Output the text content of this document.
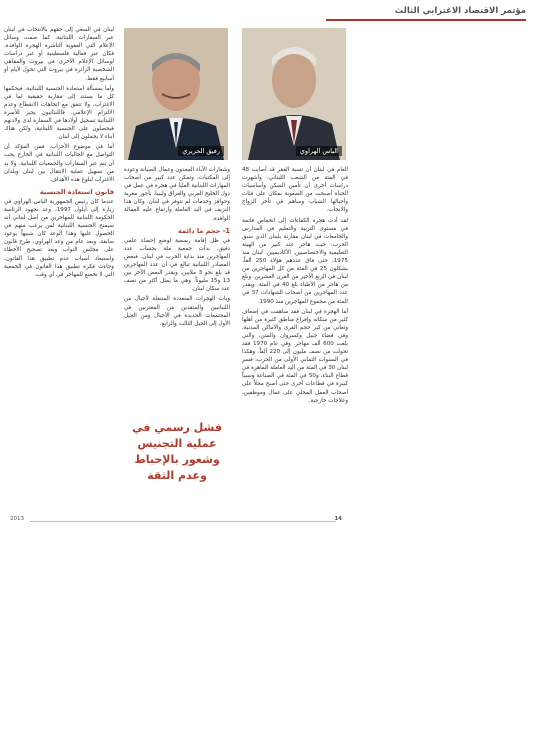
مؤتمر الاقتصاد الاغترابي الثالث
الياس الهراوي
رفيق الحريري

العام في لبنان أن نسبة الفقر قد أصابت 48 في المئة من الشعب اللبناني. وأشهرت دراسات أخرى أن تأمين السكن وأساسيات الحياة أصبحت من الصعوبة بمكان على فئات وأجيالها الشباب وساهم في تأخر الزواج والانجاب.

لقد أدت هجرة الكفاءات إلى انخفاض قاتمة في مستوى التربية والتعليم في المدارس والجامعات في لبنان مقارنة بلبنان الذي سبق الحرب. حيث هاجر عدد كبير من الهيئة التعليمية والاختصاصيين. الأكاديميين. لبنان منذ 1975، حتى فاق عددهم هؤلاء 250 ألفاً، يشكلون 25 في المئة من كل المهاجرين من لبنان في الربع الأخير من القرن العشرين. وبلغ من هاجر من الأطباء بلغ 40 في المئة. ويقدر عدد المهاجرين من أصحاب الشهادات 37 في المئة من مجموع المهاجرين منذ 1990.

أما الهجرة في لبنان فقد ساهمت في إضعاف كثير من سكانه وإفراغ مناطق كثيرة من أهلها وتعاني من كبر حجم القرى والأماكن المدنية، وفي قضاء جبيل وكسروان والمتن، والتي بلغت 600 ألف مهاجر. وفي عام 1970 فقد تحولت من نصف مليون إلى 220 ألفاً. وهكذا في السنوات الثماني الأولى من الحرب، فسر لبنان 30 في المئة من اليد العاملة الماهرة في قطاع البناء، و50 في المئة في الصناعة وسبباً كبيرة في قطاعات أخرى حتى أصبح محلاً على أصحاب العمل المحلي على عمال وموظفين، وعلاجات خارجية.

وشعارات الآباء المعدون وعمال الصيانة وعودة إلى المكتبات، وتمكن عدد كبير من أصحاب المهارات اللبنانية العليا في هجرة في عمل في دول الخليج العربي والعراق وليبيا، بأجور مغرية وحوافز وخدمات لم تتوفر في لبنان. وكان هذا النزيف في اليد العاملة وارتفاع عليه العمالة الوافدة.

1- حجم ما دائمة

في ظل إقامة رسمية لوضع إحصاء علمي دقيق، بدأت جمعية ملة بحساب عدد المهاجرين منذ بداية الحرب في لبنان. فبعض المصادر اللبنانية تبالغ في أن عدد المهاجرين قد بلغ نحو 3 ملايين، ويقدر البعض الآخر بين 13 و15 مليوناً. وهي ما يمثل أكثر من نصف عدد سكان لبنان.

وبات الهجرات المتعددة المتنقلة لأجيال من اللبنانيين والمتقدين من المغتربين في المجتمعات الجديدة في الأجيال ومن الجيل الأول إلى الجيل الثالث والرابع.

فشل رسمي في عملية التجنيس وشعور بالإحباط وعدم الثقة

لبنان في السعي إلى حقهم بالانتخاب في لبنان عبر السفارات اللبنانية، كما صمت وسائل الإعلام التي العفوية الناشرة الهجرة الوافدة. فكان عبر فعالية فلسطينية أو عبر دراسات لوسائل الإعلام الأخرى في بيروت والمقاهي الشخصية الزائرة في بيروت التي تحول لأيام أو أسابيع فقط.

وأما بمسألة استعادة الجنسية اللبنانية، فيحكمها كل ما يستند إلى مقاربة حقيقية لما في الاغتراب، ولا تتفق مع اتجاهات الانقطاع وعدم الالتزام الإعلامي. فاللبنانيون يجيز للأسرة اللبنانية تسجيل أولادها في السفارة لدى ولادتهم فيحصلون على الجنسية اللبنانية، ولكن هناك أبناء لا يحملون إلى لبنان.

أما في موضوع الأحزاب، فمن المؤكد أن التواصل مع الجاليات اللبنانية في الخارج يجب أن يتم عبر السفارات والجمعيات اللبنانية. ولا بد من تسهيل عملية الانتقال بين لبنان وبلدان الاغتراب لبلوغ هذه الأهداف.

قانون استعادة الجنسية

عندما كان رئيس الجمهورية الياس الهراوي في زيارة إلى أيلول 1997، وعد بجهود الرئاسة الحكومة اللبنانية للمهاجرين من أصل لبناني أنه سيمنح الجنسية اللبنانية لمن يرغب منهم في الحصول عليها وهذا الوعد كان شبيهاً بوعود سابقة. وبعد عام من وعد الهراوي، طرح قانون على مجلس النواب وبعد تصحيح الأخطاء واستبعاد أسباب عدم تطبيق هذا القانون، وجاءت فكرة تطبيق هذا القانون في الجمعية التي لا تخضع للمهاجر في أي وقت.

2013	14
